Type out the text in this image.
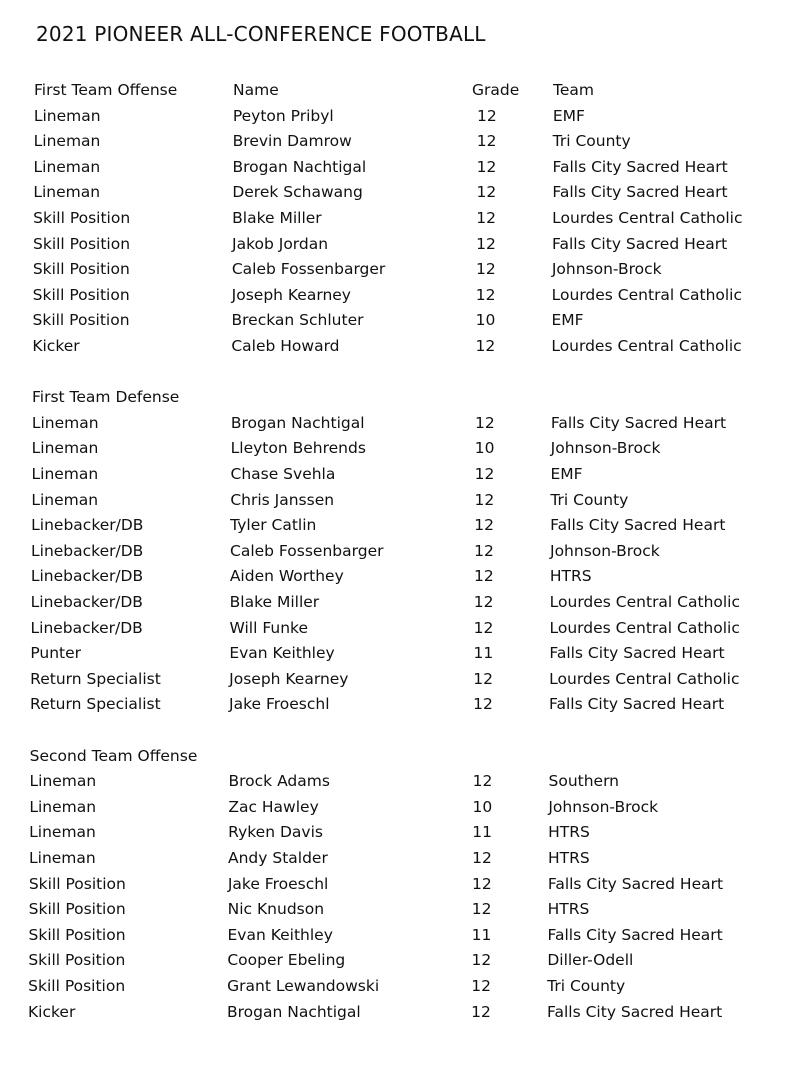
2021 PIONEER ALL-CONFERENCE FOOTBALL
First Team Offense	Name	Grade Team
Lineman	Peyton Pribyl	12	EMF
Lineman	Brevin Damrow	12	Tri County
Lineman	Brogan Nachtigal	12	Falls City Sacred Heart
Lineman	Derek Schawang	12	Falls City Sacred Heart
Skill Position	Blake Miller	12	Lourdes Central Catholic
Skill Position	Jakob Jordan	12	Falls City Sacred Heart
Skill Position	Caleb Fossenbarger	12	Johnson-Brock
Skill Position	Joseph Kearney	12	Lourdes Central Catholic
Skill Position	Breckan Schluter	10	EMF
Kicker	Caleb Howard	12	Lourdes Central Catholic
First Team Defense
Lineman	Brogan Nachtigal	12	Falls City Sacred Heart
Lineman	Lleyton Behrends	10	Johnson-Brock
Lineman	Chase Svehla	12	EMF
Lineman	Chris Janssen	12	Tri County
Linebacker/DB	Tyler Catlin	12	Falls City Sacred Heart
Linebacker/DB	Caleb Fossenbarger	12	Johnson-Brock
Linebacker/DB	Aiden Worthey	12	HTRS
Linebacker/DB	Blake Miller	12	Lourdes Central Catholic
Linebacker/DB	Will Funke	12	Lourdes Central Catholic
Punter	Evan Keithley	11	Falls City Sacred Heart
Return Specialist	Joseph Kearney	12	Lourdes Central Catholic
Return Specialist	Jake Froeschl	12	Falls City Sacred Heart
Second Team Offense
Lineman	Brock Adams	12	Southern
Lineman	Zac Hawley	10	Johnson-Brock
Lineman	Ryken Davis	11	HTRS
Lineman	Andy Stalder	12	HTRS
Skill Position	Jake Froeschl	12	Falls City Sacred Heart
Skill Position	Nic Knudson	12	HTRS
Skill Position	Evan Keithley	11	Falls City Sacred Heart
Skill Position	Cooper Ebeling	12	Diller-Odell
Skill Position	Grant Lewandowski	12	Tri County
Kicker	Brogan Nachtigal	12	Falls City Sacred Heart
